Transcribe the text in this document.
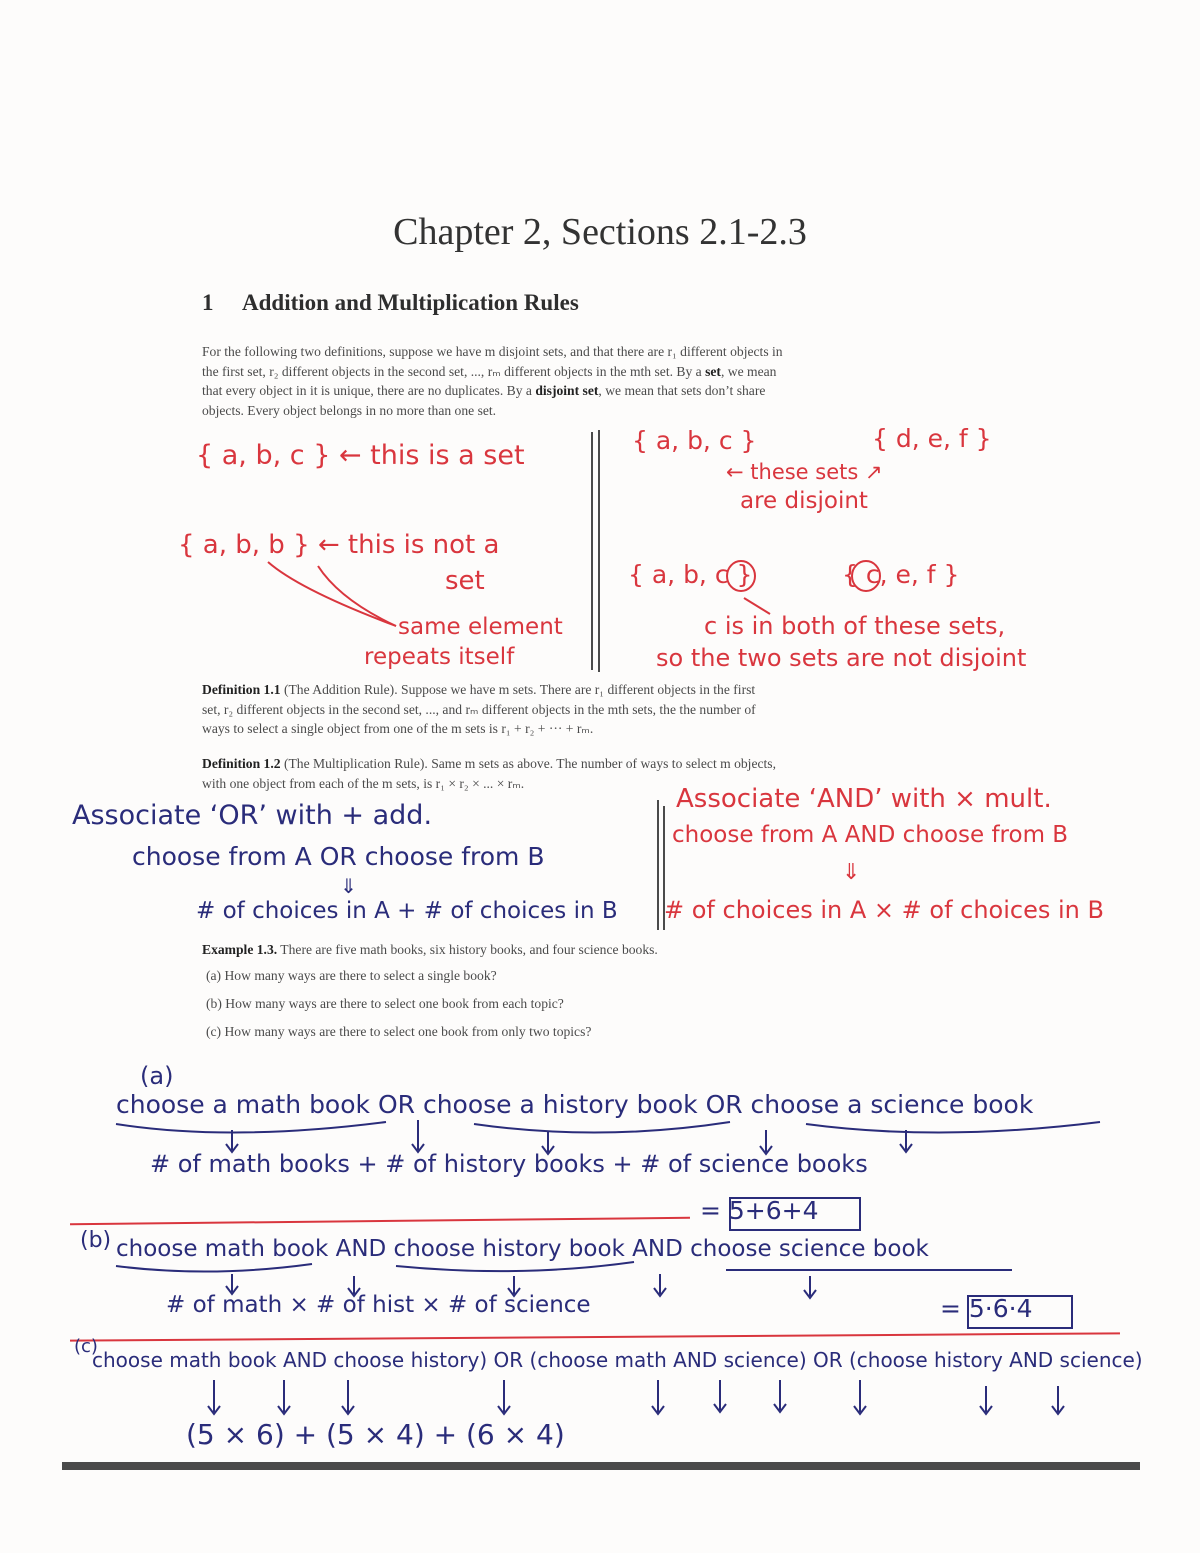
Chapter 2, Sections 2.1-2.3
1 Addition and Multiplication Rules
For the following two definitions, suppose we have m disjoint sets, and that there are r₁ different objects in
the first set, r₂ different objects in the second set, ..., rₘ different objects in the mth set. By a set, we mean
that every object in it is unique, there are no duplicates. By a disjoint set, we mean that sets don’t share
objects. Every object belongs in no more than one set.
{ a, b, c } ← this is a set
{ a, b, b } ← this is not a
set
same element
repeats itself
{ a, b, c }	{ d, e, f }
← these sets ↗
are disjoint
{ a, b, c }	{ c, e, f }
c is in both of these sets,
so the two sets are not disjoint
Definition 1.1 (The Addition Rule). Suppose we have m sets. There are r₁ different objects in the first
set, r₂ different objects in the second set, ..., and rₘ different objects in the mth sets, the the number of
ways to select a single object from one of the m sets is r₁ + r₂ + ··· + rₘ.
Definition 1.2 (The Multiplication Rule). Same m sets as above. The number of ways to select m objects,
with one object from each of the m sets, is r₁ × r₂ × ... × rₘ.
Associate ‘OR’ with + add.
choose from A OR choose from B
# of choices in A + # of choices in B
⇓
Associate ‘AND’ with × mult.
choose from A AND choose from B
⇓
# of choices in A × # of choices in B
Example 1.3. There are five math books, six history books, and four science books.
(a) How many ways are there to select a single book?
(b) How many ways are there to select one book from each topic?
(c) How many ways are there to select one book from only two topics?
(a)
choose a math book OR choose a history book OR choose a science book
# of math books + # of history books + # of science books
= 5+6+4
(b) choose math book AND choose history book AND choose science book
# of math × # of hist × # of science	= 5·6·4
(c)
choose math book AND choose history) OR (choose math AND science) OR (choose history AND science)
(5 × 6) + (5 × 4) + (6 × 4)
